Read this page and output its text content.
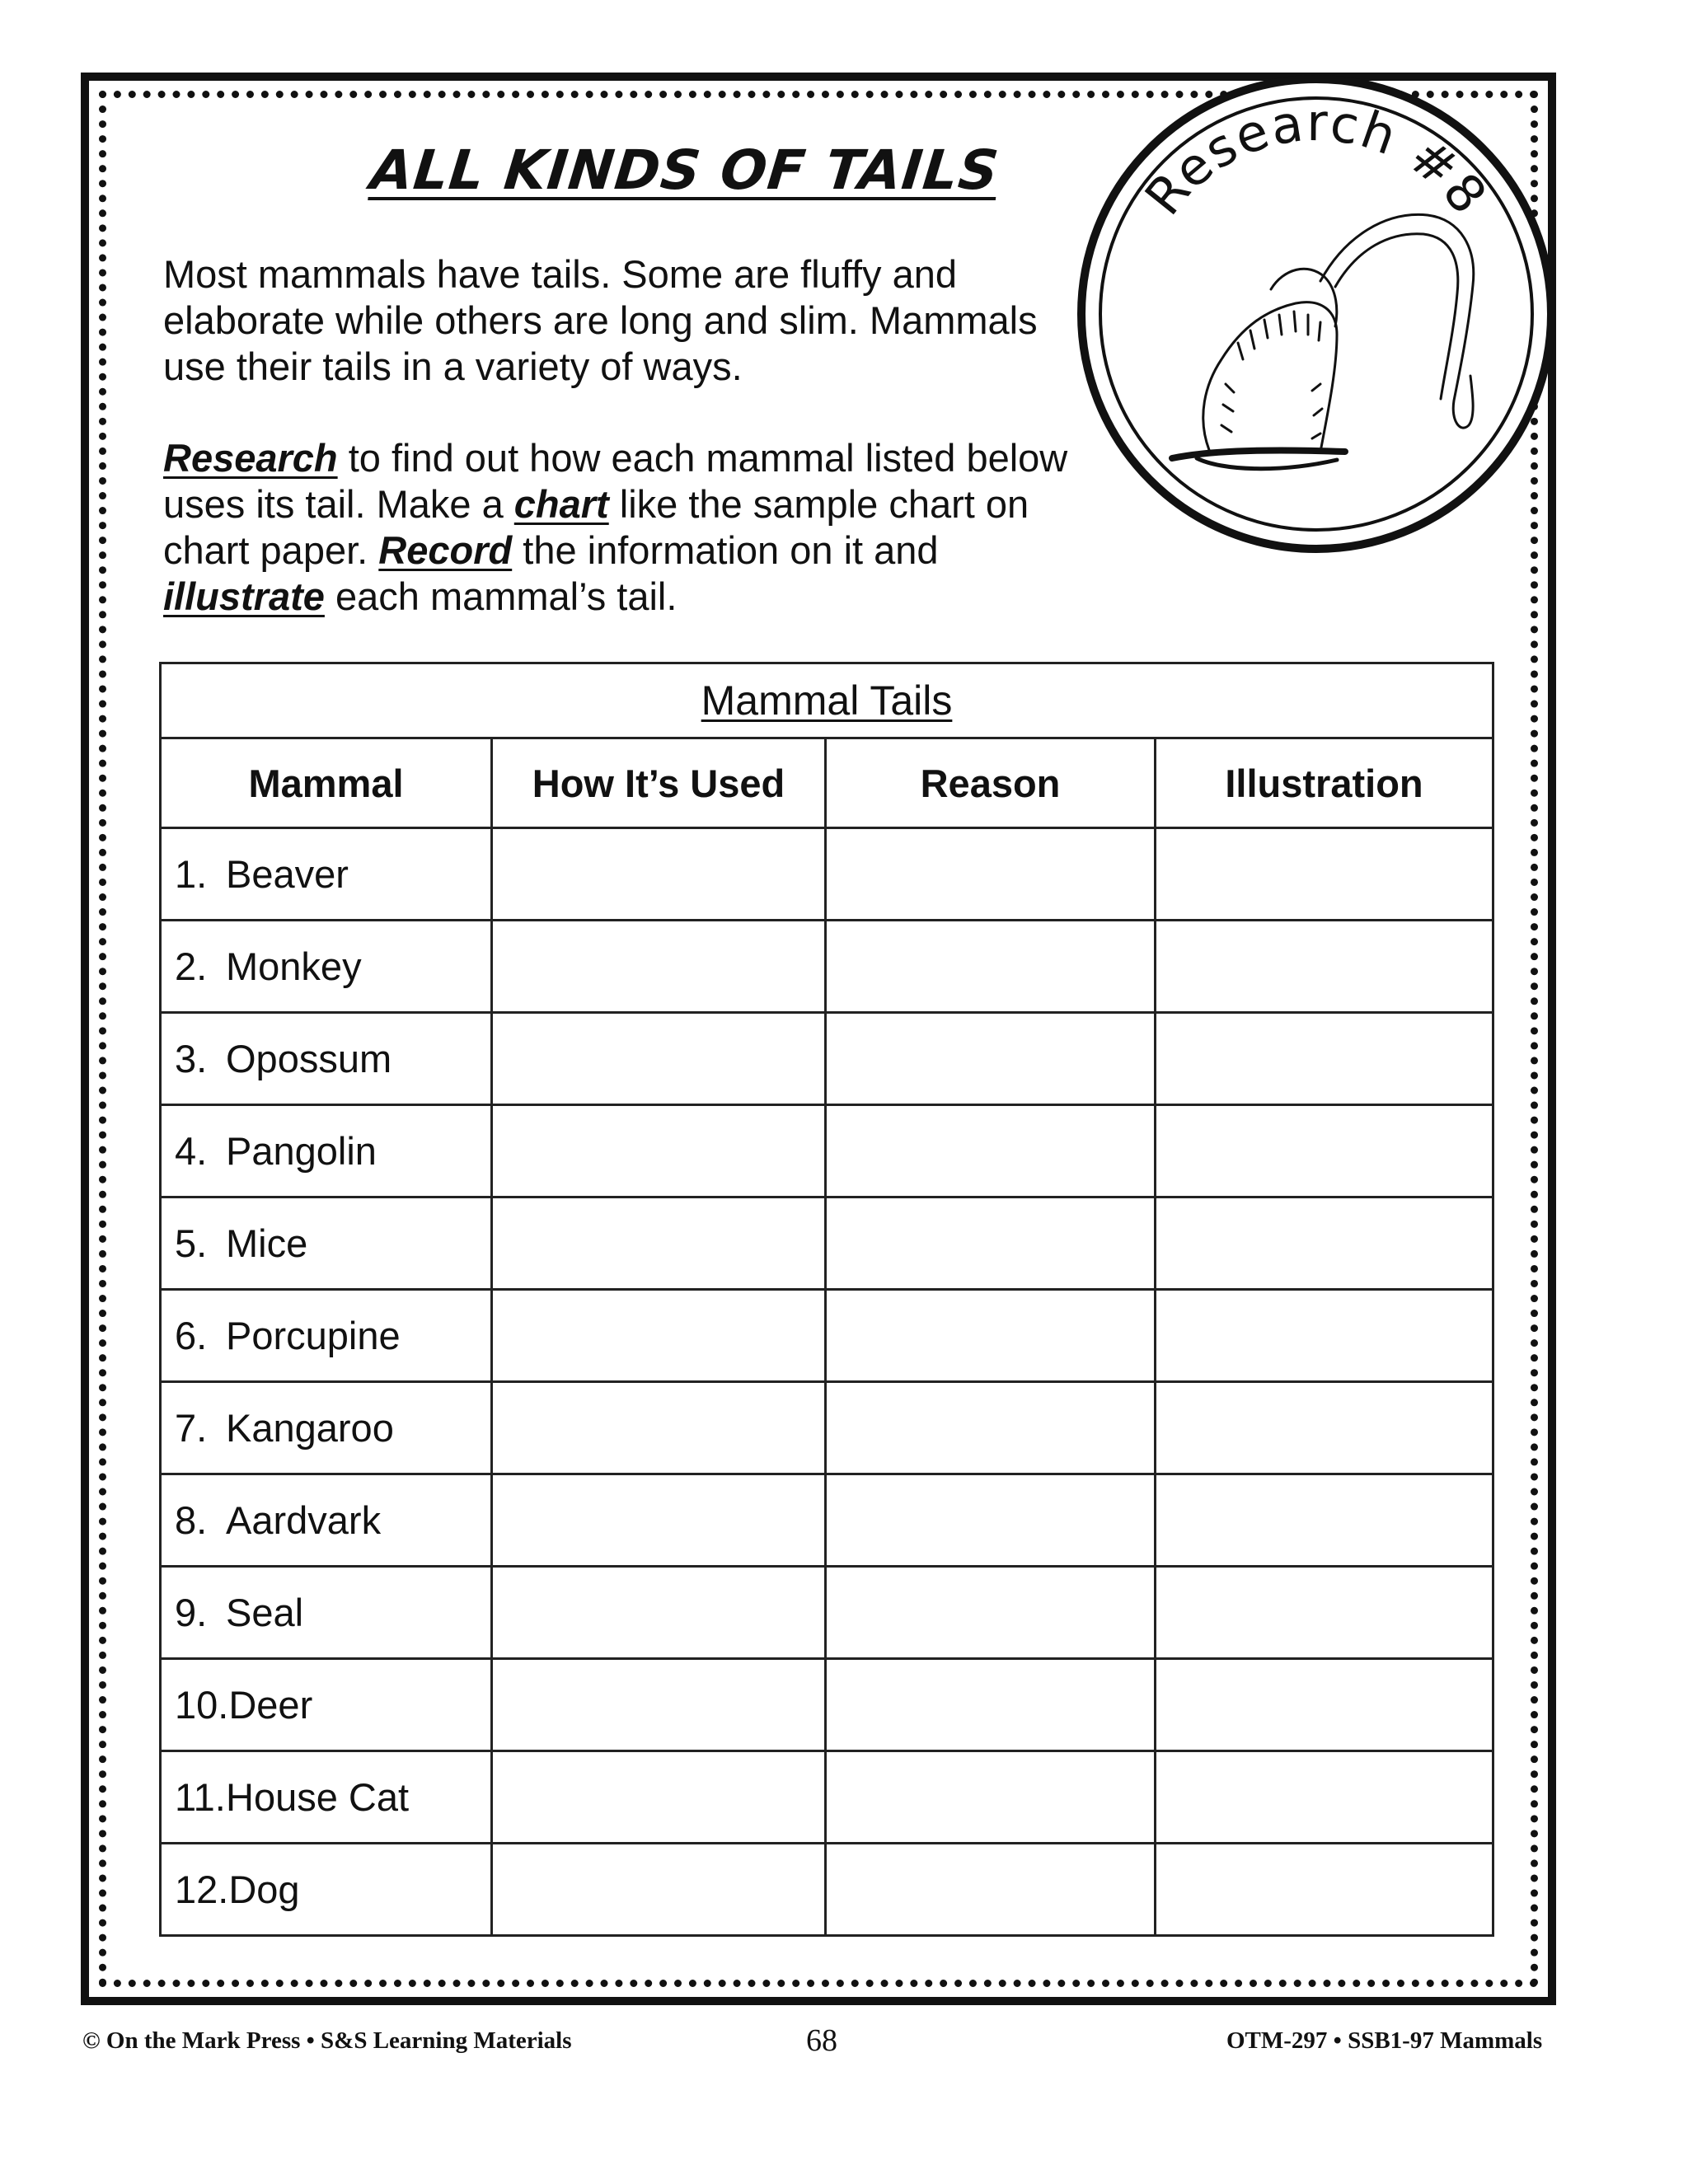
Research #8
ALL KINDS OF TAILS

Most mammals have tails. Some are fluffy and elaborate while others are long and slim. Mammals use their tails in a variety of ways.

Research to find out how each mammal listed below uses its tail. Make a chart like the sample chart on chart paper. Record the information on it and illustrate each mammal’s tail.

Mammal Tails			
Mammal	How It’s Used	Reason	Illustration
1. Beaver			
2. Monkey			
3. Opossum			
4. Pangolin			
5. Mice			
6. Porcupine			
7. Kangaroo			
8. Aardvark			
9. Seal			
10.Deer			
11.House Cat			
12.Dog			
© On the Mark Press • S&S Learning Materials	68	OTM-297 • SSB1-97 Mammals
